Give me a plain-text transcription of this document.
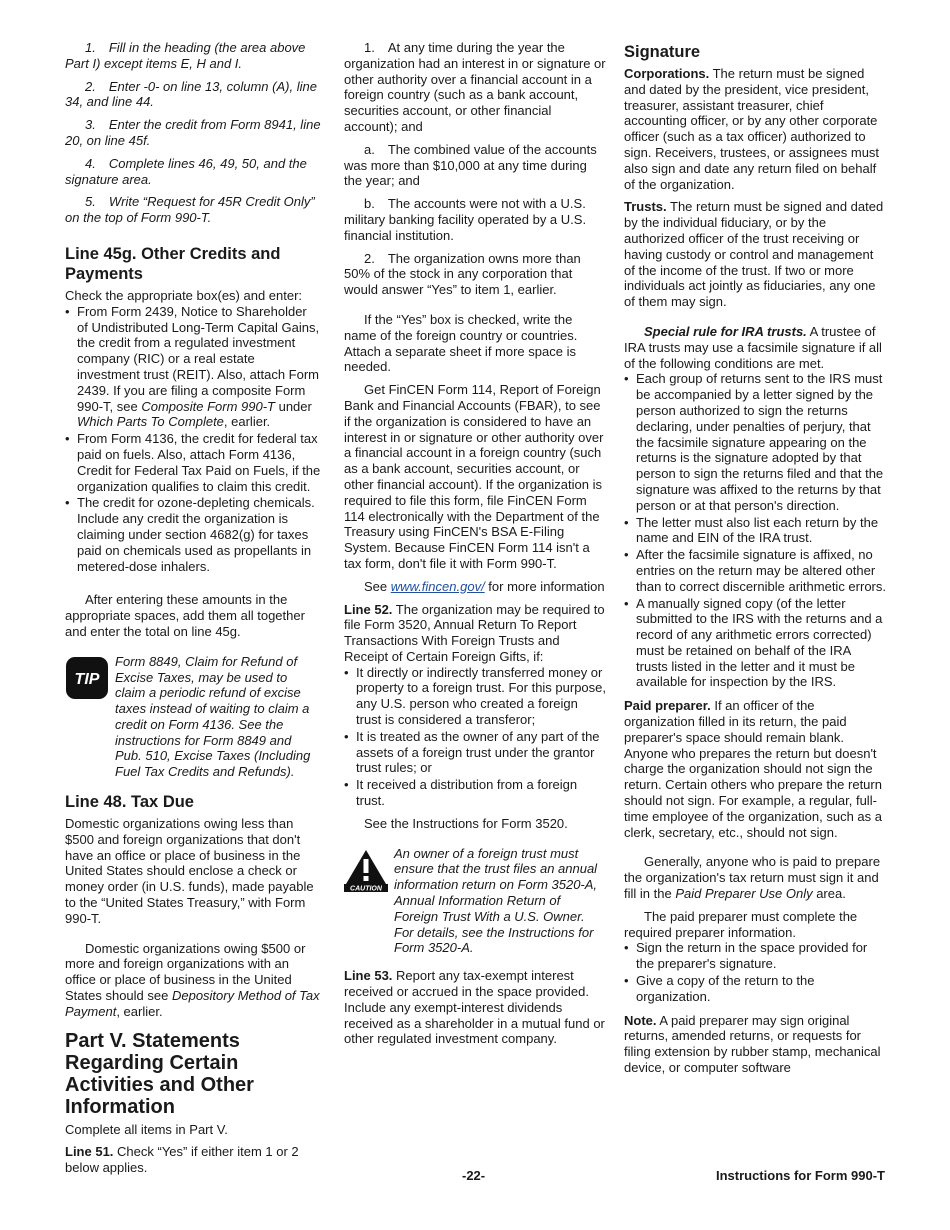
1. Fill in the heading (the area above Part I) except items E, H and I.

2. Enter -0- on line 13, column (A), line 34, and line 44.

3. Enter the credit from Form 8941, line 20, on line 45f.

4. Complete lines 46, 49, 50, and the signature area.

5. Write “Request for 45R Credit Only” on the top of Form 990-T.

Line 45g. Other Credits and Payments

Check the appropriate box(es) and enter:

• From Form 2439, Notice to Shareholder of Undistributed Long-Term Capital Gains, the credit from a regulated investment company (RIC) or a real estate investment trust (REIT). Also, attach Form 2439. If you are filing a composite Form 990-T, see Composite Form 990-T under Which Parts To Complete, earlier.

• From Form 4136, the credit for federal tax paid on fuels. Also, attach Form 4136, Credit for Federal Tax Paid on Fuels, if the organization qualifies to claim this credit.

• The credit for ozone-depleting chemicals. Include any credit the organization is claiming under section 4682(g) for taxes paid on chemicals used as propellants in metered-dose inhalers.

After entering these amounts in the appropriate spaces, add them all together and enter the total on line 45g.

TIP
Form 8849, Claim for Refund of Excise Taxes, may be used to claim a periodic refund of excise taxes instead of waiting to claim a credit on Form 4136. See the instructions for Form 8849 and Pub. 510, Excise Taxes (Including Fuel Tax Credits and Refunds).
Line 48. Tax Due

Domestic organizations owing less than $500 and foreign organizations that don't have an office or place of business in the United States should enclose a check or money order (in U.S. funds), made payable to the “United States Treasury,” with Form 990-T.

Domestic organizations owing $500 or more and foreign organizations with an office or place of business in the United States should see Depository Method of Tax Payment, earlier.

Part V. Statements Regarding Certain Activities and Other Information

Complete all items in Part V.

Line 51. Check “Yes” if either item 1 or 2 below applies.

1. At any time during the year the organization had an interest in or signature or other authority over a financial account in a foreign country (such as a bank account, securities account, or other financial account); and

a. The combined value of the accounts was more than $10,000 at any time during the year; and

b. The accounts were not with a U.S. military banking facility operated by a U.S. financial institution.

2. The organization owns more than 50% of the stock in any corporation that would answer “Yes” to item 1, earlier.

If the “Yes” box is checked, write the name of the foreign country or countries. Attach a separate sheet if more space is needed.

Get FinCEN Form 114, Report of Foreign Bank and Financial Accounts (FBAR), to see if the organization is considered to have an interest in or signature or other authority over a financial account in a foreign country (such as a bank account, securities account, or other financial account). If the organization is required to file this form, file FinCEN Form 114 electronically with the Department of the Treasury using FinCEN's BSA E-Filing System. Because FinCEN Form 114 isn't a tax form, don't file it with Form 990-T.

See www.fincen.gov/ for more information

Line 52. The organization may be required to file Form 3520, Annual Return To Report Transactions With Foreign Trusts and Receipt of Certain Foreign Gifts, if:

• It directly or indirectly transferred money or property to a foreign trust. For this purpose, any U.S. person who created a foreign trust is considered a transferor;

• It is treated as the owner of any part of the assets of a foreign trust under the grantor trust rules; or

• It received a distribution from a foreign trust.

See the Instructions for Form 3520.

CAUTION
An owner of a foreign trust must ensure that the trust files an annual information return on Form 3520-A, Annual Information Return of Foreign Trust With a U.S. Owner. For details, see the Instructions for Form 3520-A.

Line 53. Report any tax-exempt interest received or accrued in the space provided. Include any exempt-interest dividends received as a shareholder in a mutual fund or other regulated investment company.

Signature

Corporations. The return must be signed and dated by the president, vice president, treasurer, assistant treasurer, chief accounting officer, or by any other corporate officer (such as a tax officer) authorized to sign. Receivers, trustees, or assignees must also sign and date any return filed on behalf of the organization.

Trusts. The return must be signed and dated by the individual fiduciary, or by the authorized officer of the trust receiving or having custody or control and management of the income of the trust. If two or more individuals act jointly as fiduciaries, any one of them may sign.

Special rule for IRA trusts. A trustee of IRA trusts may use a facsimile signature if all of the following conditions are met.

• Each group of returns sent to the IRS must be accompanied by a letter signed by the person authorized to sign the returns declaring, under penalties of perjury, that the facsimile signature appearing on the returns is the signature adopted by that person to sign the returns filed and that the signature was affixed to the returns by that person or at that person's direction.

• The letter must also list each return by the name and EIN of the IRA trust.

• After the facsimile signature is affixed, no entries on the return may be altered other than to correct discernible arithmetic errors.

• A manually signed copy (of the letter submitted to the IRS with the returns and a record of any arithmetic errors corrected) must be retained on behalf of the IRA trusts listed in the letter and it must be available for inspection by the IRS.

Paid preparer. If an officer of the organization filled in its return, the paid preparer's space should remain blank. Anyone who prepares the return but doesn't charge the organization should not sign the return. Certain others who prepare the return should not sign. For example, a regular, full-time employee of the organization, such as a clerk, secretary, etc., should not sign.

Generally, anyone who is paid to prepare the organization's tax return must sign it and fill in the Paid Preparer Use Only area.

The paid preparer must complete the required preparer information.

• Sign the return in the space provided for the preparer's signature.

• Give a copy of the return to the organization.

Note. A paid preparer may sign original returns, amended returns, or requests for filing extension by rubber stamp, mechanical device, or computer software

-22-	Instructions for Form 990-T
